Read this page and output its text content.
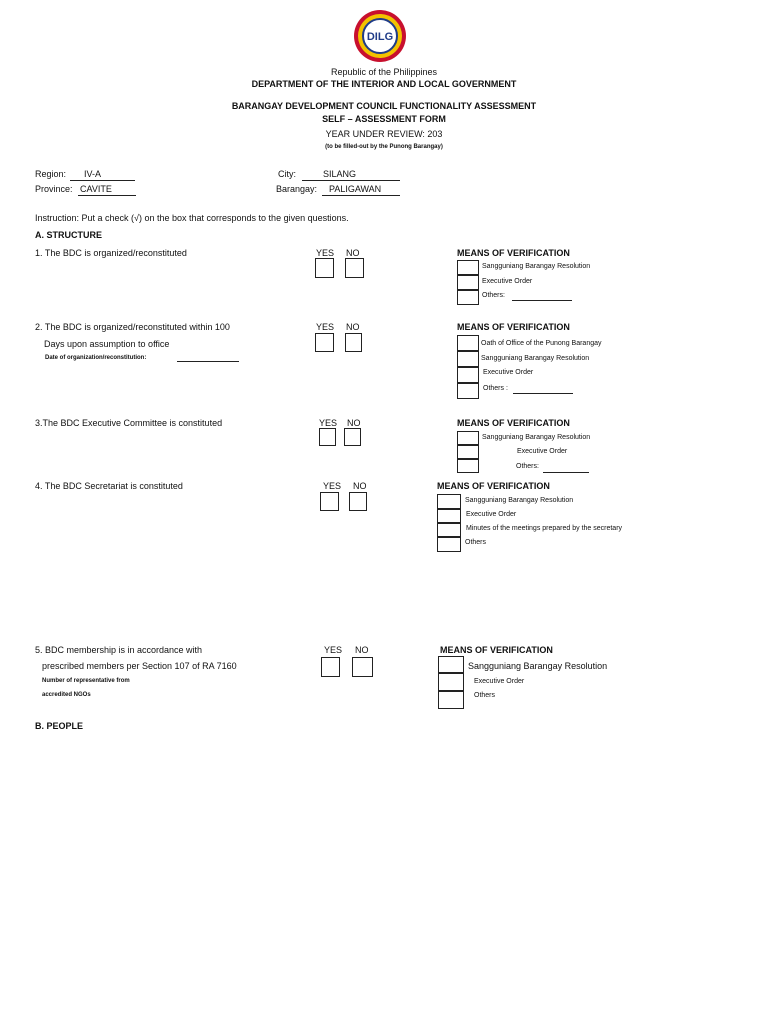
DILG
Republic of the Philippines
DEPARTMENT OF THE INTERIOR AND LOCAL GOVERNMENT
BARANGAY DEVELOPMENT COUNCIL FUNCTIONALITY ASSESSMENT
SELF – ASSESSMENT FORM
YEAR UNDER REVIEW: 203
(to be filled-out by the Punong Barangay)
Region: IV-A
Province: CAVITE
City:	SILANG
Barangay: PALIGAWAN
Instruction: Put a check (√) on the box that corresponds to the given questions.
A. STRUCTURE
1. The BDC is organized/reconstituted	YES NO	MEANS OF VERIFICATION
Sangguniang Barangay Resolution
Executive Order
Others:
2. The BDC is organized/reconstituted within 100
Days upon assumption to office
Date of organization/reconstitution:
YES NO	MEANS OF VERIFICATION
Oath of Office of the Punong Barangay
Sangguniang Barangay Resolution
Executive Order
Others :
3.The BDC Executive Committee is constituted	YES NO	MEANS OF VERIFICATION
Sangguniang Barangay Resolution
Executive Order
Others:
4. The BDC Secretariat is constituted	YES NO	MEANS OF VERIFICATION
Sangguniang Barangay Resolution
Executive Order
Minutes of the meetings prepared by the secretary
Others
5. BDC membership is in accordance with
prescribed members per Section 107 of RA 7160
Number of representative from
accredited NGOs
YES NO	MEANS OF VERIFICATION
Sangguniang Barangay Resolution
Executive Order
Others
B. PEOPLE
